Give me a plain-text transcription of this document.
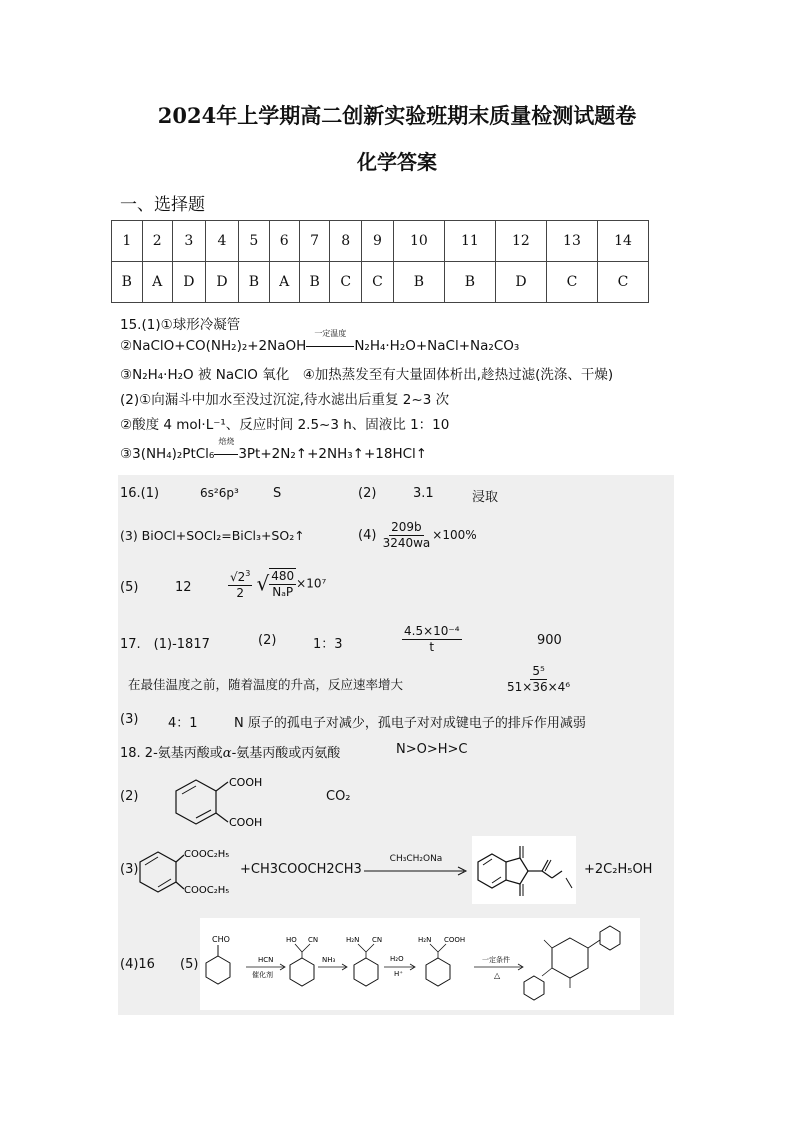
2024年上学期高二创新实验班期末质量检测试题卷
化学答案
一、选择题
1	2	3	4	5	6	7	8	9	10	11	12	13	14
B	A	D	D	B	A	B	C	C	B	B	D	C	C
15.(1)①球形冷凝管
②NaClO+CO(NH₂)₂+2NaOH
一定温度
N₂H₄·H₂O+NaCl+Na₂CO₃
③N₂H₄·H₂O 被 NaClO 氧化　④加热蒸发至有大量固体析出,趁热过滤(洗涤、干燥)
(2)①向漏斗中加水至没过沉淀,待水滤出后重复 2~3 次
②酸度 4 mol·L⁻¹、反应时间 2.5~3 h、固液比 1：10
③3(NH₄)₂PtCl₆
焙烧
3Pt+2N₂↑+2NH₃↑+18HCl↑
16.(1)	6s²6p³	S	(2)	3.1	浸取
(3) BiOCl+SOCl₂=BiCl₃+SO₂↑	$(4) \frac{209b}{3240wa} \times 100\%$
(5)	12	$\frac{√2^3}{2}$ √ $\frac{480}{\text{NₐΡ}} \times 10^7$
17.　(1)-1817	(2)	1：3	$\frac{\text{4.5×10⁻⁴}}{t}$	900
在最佳温度之前，随着温度的升高，反应速率增大	$\frac{\text{5⁵}}{\text{51×36×4⁶}}$
(3) 4：1	N 原子的孤电子对减少，孤电子对对成键电子的排斥作用减弱
18. 2-氨基丙酸或α-氨基丙酸或丙氨酸	N>O>H>C
(2)
COOH
COOH
CO₂
(3)
COOC₂H₅
COOC₂H₅
+CH3COOCH2CH3
CH₃CH₂ONa
+2C₂H₅OH
(4)16 (5)
CHO
HCN
催化剂
HO CN
NH₃
H₂N CN
H₂O
H⁺
H₂N COOH
一定条件
△
